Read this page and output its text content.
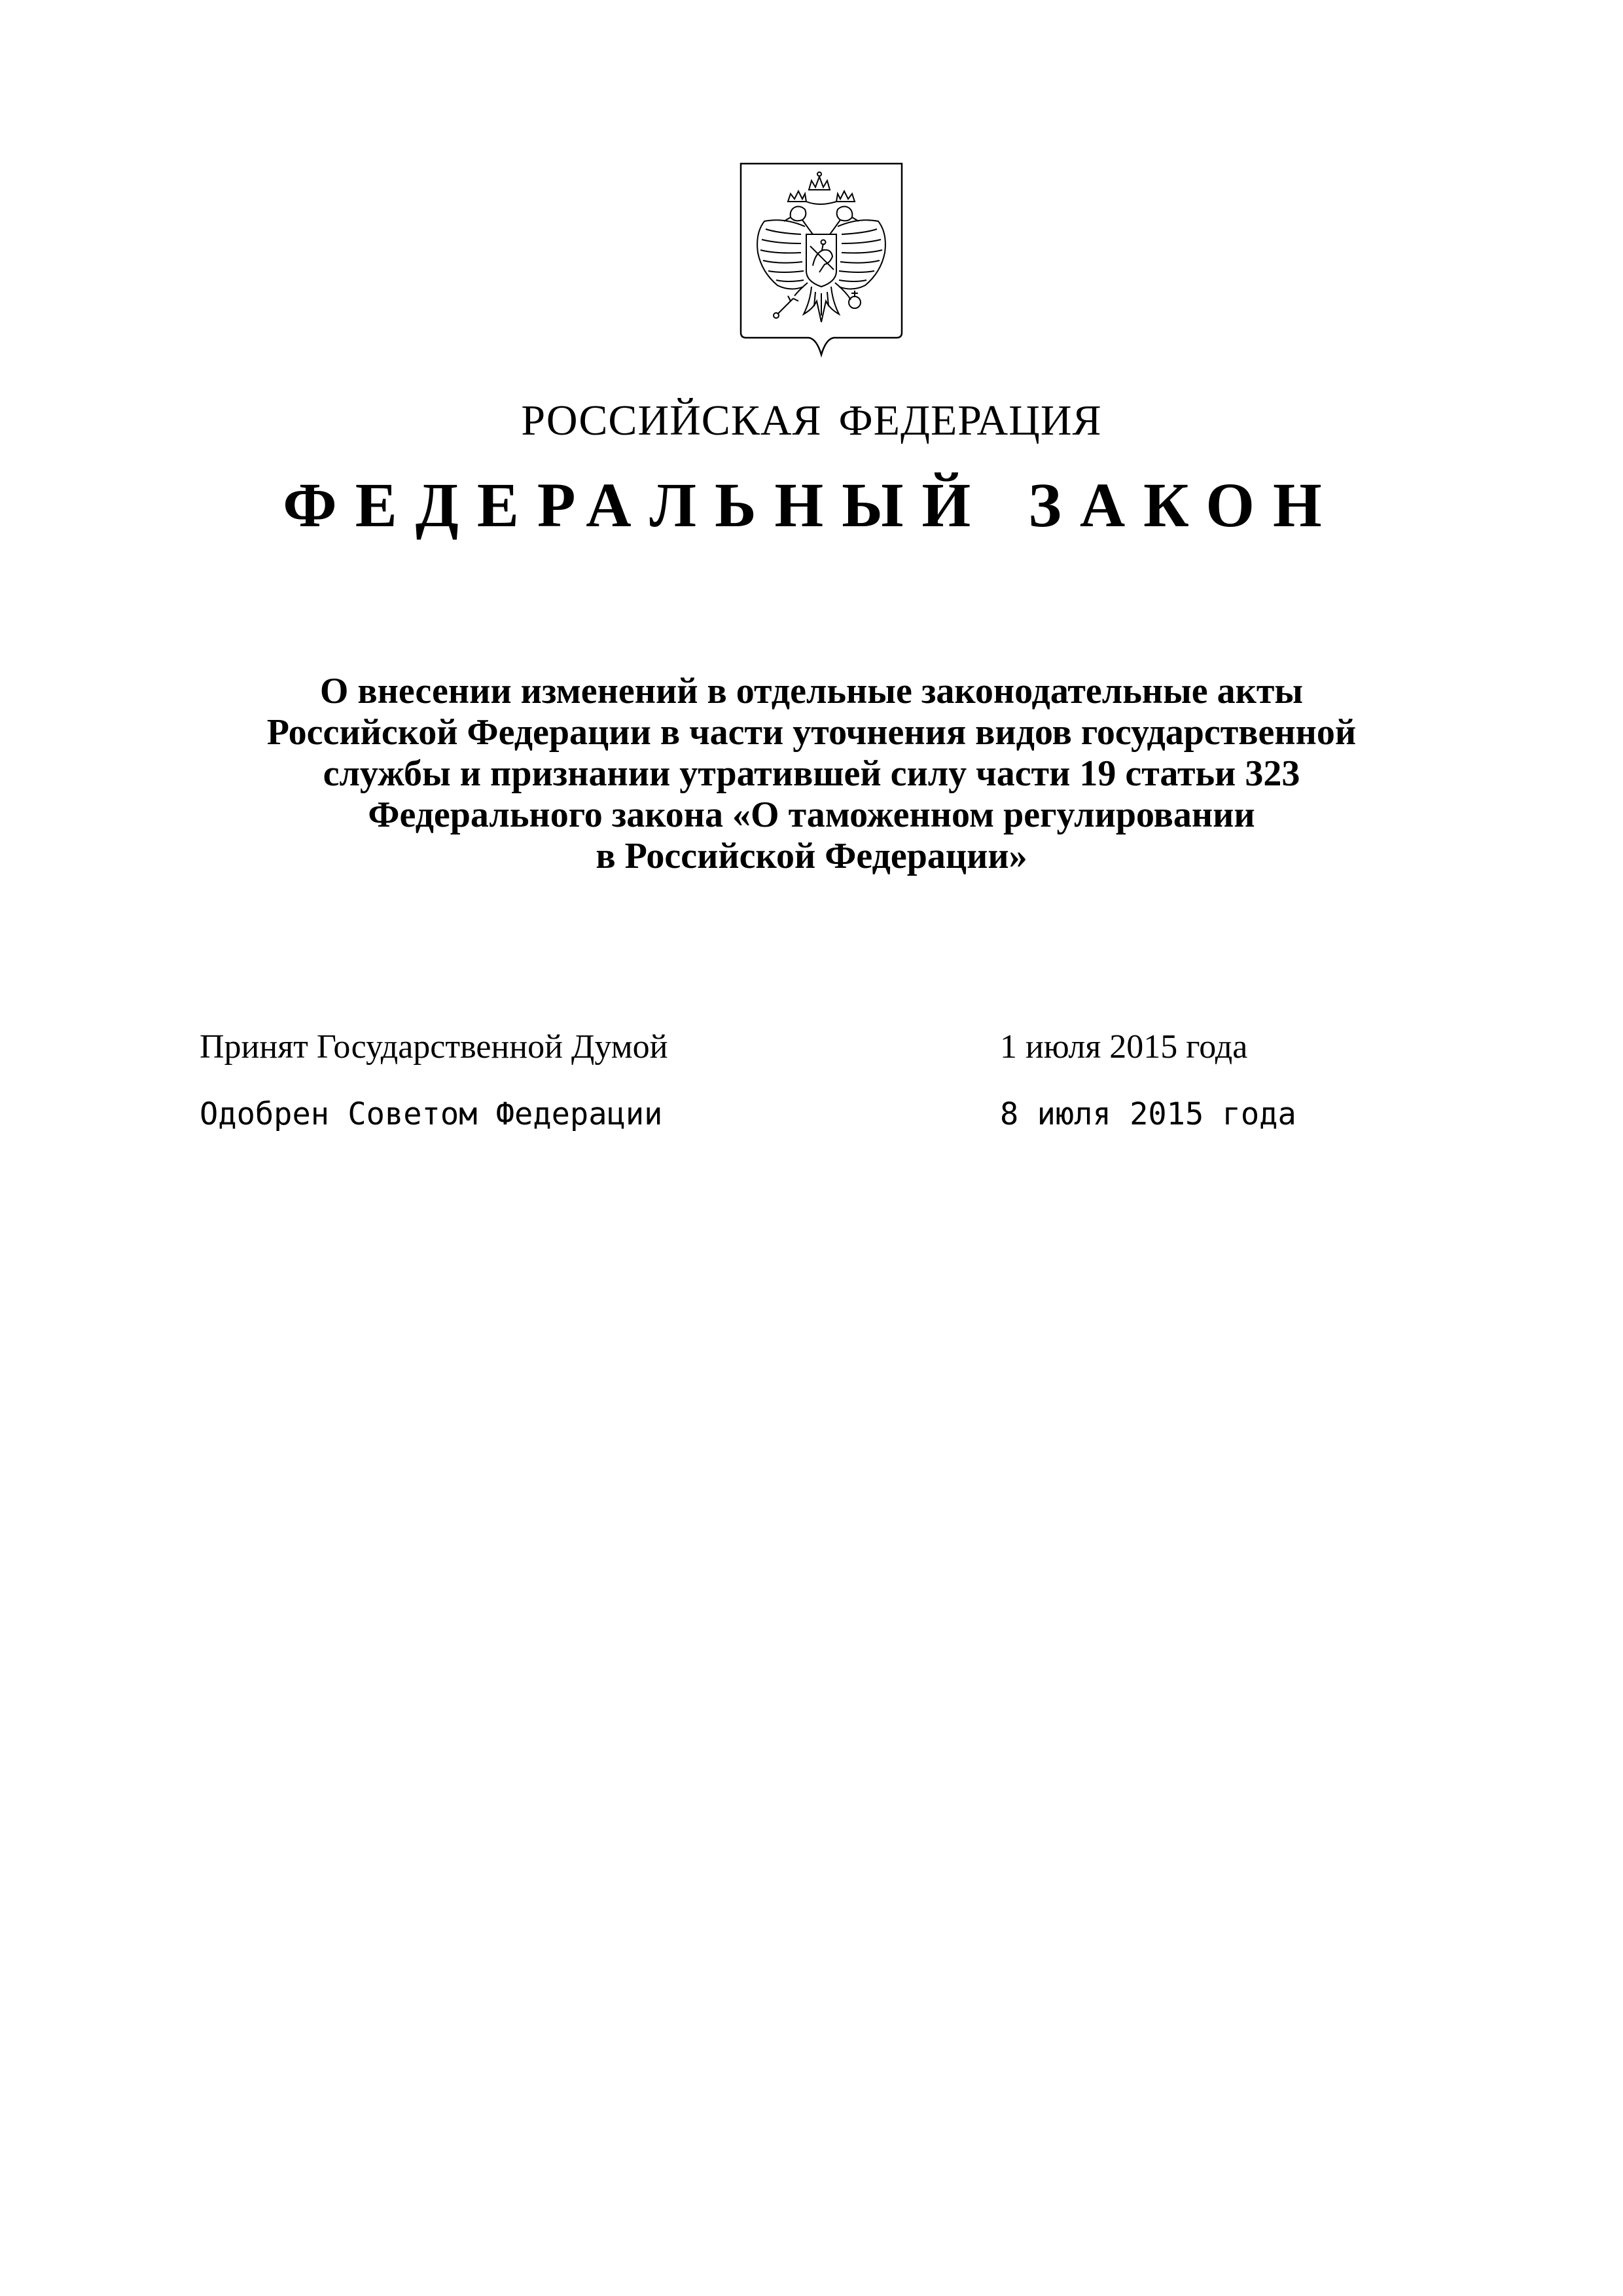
РОССИЙСКАЯ ФЕДЕРАЦИЯ
ФЕДЕРАЛЬНЫЙ ЗАКОН
О внесении изменений в отдельные законодательные акты
Российской Федерации в части уточнения видов государственной
службы и признании утратившей силу части 19 статьи 323
Федерального закона «О таможенном регулировании
в Российской Федерации»
Принят Государственной Думой	1 июля 2015 года
Одобрен Советом Федерации	8 июля 2015 года
